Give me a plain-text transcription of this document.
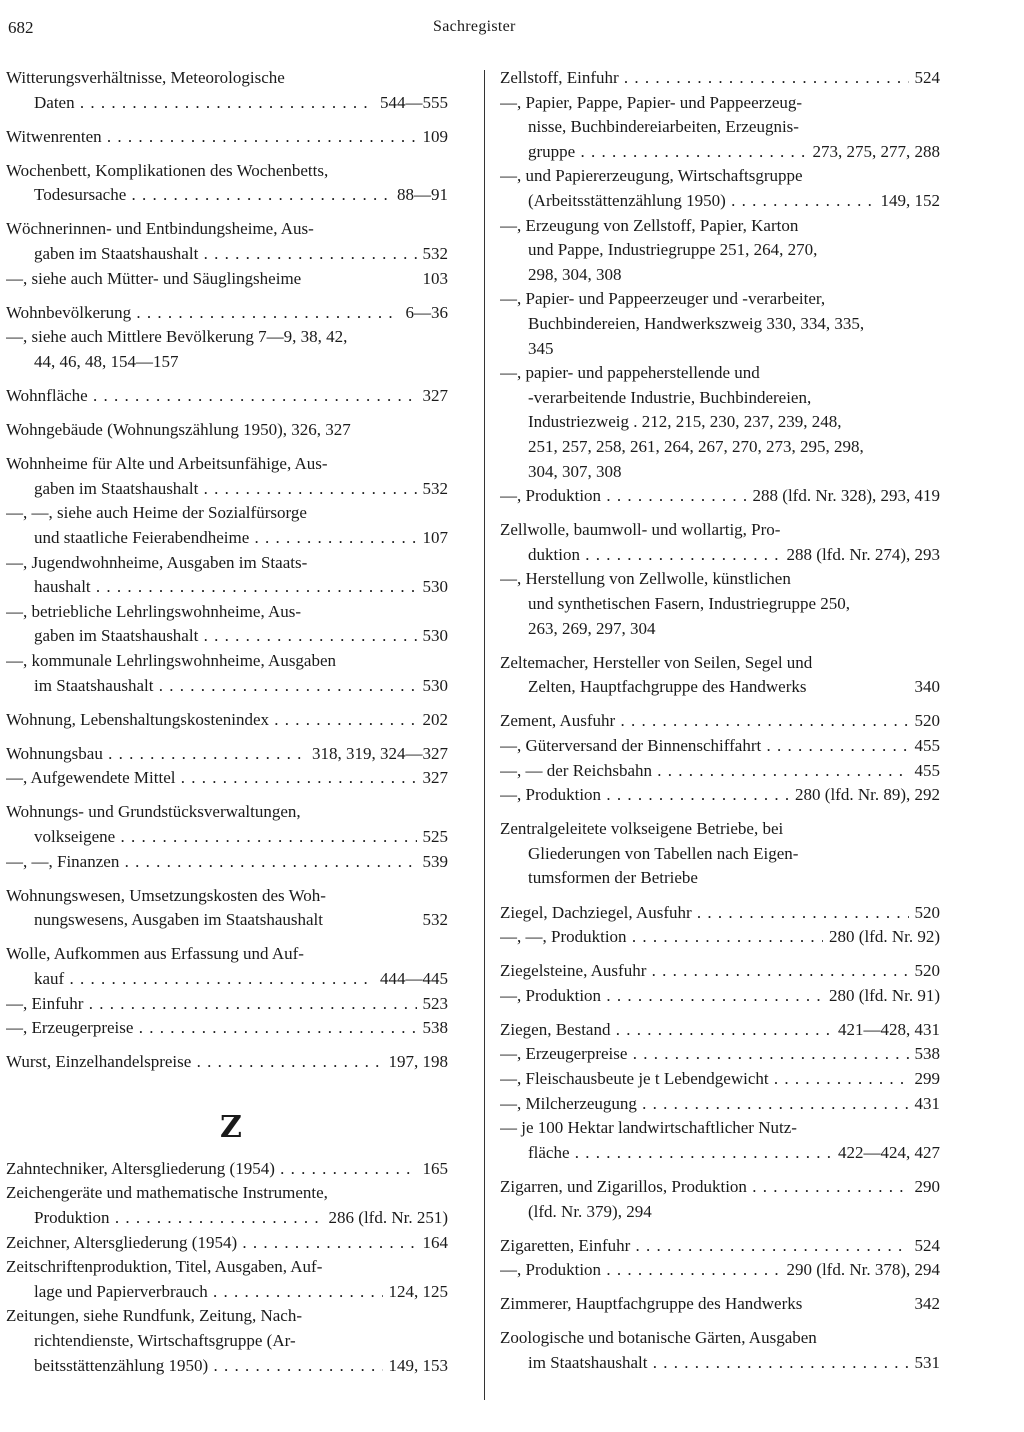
682	Sachregister
Witterungsverhältnisse, Meteorologische
Daten . . .	544—555
Witwenrenten . . .	109
Wochenbett, Komplikationen des Wochenbetts,
Todesursache . . .	88—91
Wöchnerinnen- und Entbindungsheime, Aus-
gaben im Staatshaushalt . . .	532
—, siehe auch Mütter- und Säuglingsheime	103
Wohnbevölkerung . . .	6—36
—, siehe auch Mittlere Bevölkerung 7—9, 38, 42,
44, 46, 48, 154—157
Wohnfläche . . .	327
Wohngebäude (Wohnungszählung 1950), 326, 327
Wohnheime für Alte und Arbeitsunfähige, Aus-
gaben im Staatshaushalt . . .	532
—, —, siehe auch Heime der Sozialfürsorge
und staatliche Feierabendheime . . .	107
—, Jugendwohnheime, Ausgaben im Staats-
haushalt . . .	530
—, betriebliche Lehrlingswohnheime, Aus-
gaben im Staatshaushalt . . .	530
—, kommunale Lehrlingswohnheime, Ausgaben
im Staatshaushalt . . .	530
Wohnung, Lebenshaltungskostenindex . . .	202
Wohnungsbau . . .	318, 319, 324—327
—, Aufgewendete Mittel . . .	327
Wohnungs- und Grundstücksverwaltungen,
volkseigene . . .	525
—, —, Finanzen . . .	539
Wohnungswesen, Umsetzungskosten des Woh-
nungswesens, Ausgaben im Staatshaushalt	532
Wolle, Aufkommen aus Erfassung und Auf-
kauf . . .	444—445
—, Einfuhr . . .	523
—, Erzeugerpreise . . .	538
Wurst, Einzelhandelspreise . . .	197, 198
Z
Zahntechniker, Altersgliederung (1954) . . .	165
Zeichengeräte und mathematische Instrumente,
Produktion . . .	286 (lfd. Nr. 251)
Zeichner, Altersgliederung (1954) . . .	164
Zeitschriftenproduktion, Titel, Ausgaben, Auf-
lage und Papierverbrauch . . .	124, 125
Zeitungen, siehe Rundfunk, Zeitung, Nach-
richtendienste, Wirtschaftsgruppe (Ar-
beitsstättenzählung 1950) . . .	149, 153
Zellstoff, Einfuhr . . .	524
—, Papier, Pappe, Papier- und Pappeerzeug-
nisse, Buchbindereiarbeiten, Erzeugnis-
gruppe . . .	273, 275, 277, 288
—, und Papiererzeugung, Wirtschaftsgruppe
(Arbeitsstättenzählung 1950) . . .	149, 152
—, Erzeugung von Zellstoff, Papier, Karton
und Pappe, Industriegruppe 251, 264, 270,
298, 304, 308
—, Papier- und Pappeerzeuger und -verarbeiter,
Buchbindereien, Handwerkszweig 330, 334, 335,
345
—, papier- und pappeherstellende und
-verarbeitende Industrie, Buchbindereien,
Industriezweig . 212, 215, 230, 237, 239, 248,
251, 257, 258, 261, 264, 267, 270, 273, 295, 298,
304, 307, 308
—, Produktion . . .	288 (lfd. Nr. 328), 293, 419
Zellwolle, baumwoll- und wollartig, Pro-
duktion . . .	288 (lfd. Nr. 274), 293
—, Herstellung von Zellwolle, künstlichen
und synthetischen Fasern, Industriegruppe 250,
263, 269, 297, 304
Zeltemacher, Hersteller von Seilen, Segel und
Zelten, Hauptfachgruppe des Handwerks	340
Zement, Ausfuhr . . .	520
—, Güterversand der Binnenschiffahrt . . .	455
—, — der Reichsbahn . . .	455
—, Produktion . . .	280 (lfd. Nr. 89), 292
Zentralgeleitete volkseigene Betriebe, bei
Gliederungen von Tabellen nach Eigen-
tumsformen der Betriebe
Ziegel, Dachziegel, Ausfuhr . . .	520
—, —, Produktion . . .	280 (lfd. Nr. 92)
Ziegelsteine, Ausfuhr . . .	520
—, Produktion . . .	280 (lfd. Nr. 91)
Ziegen, Bestand . . .	421—428, 431
—, Erzeugerpreise . . .	538
—, Fleischausbeute je t Lebendgewicht . . .	299
—, Milcherzeugung . . .	431
— je 100 Hektar landwirtschaftlicher Nutz-
fläche . . .	422—424, 427
Zigarren, und Zigarillos, Produktion . . .	290
(lfd. Nr. 379), 294
Zigaretten, Einfuhr . . .	524
—, Produktion . . .	290 (lfd. Nr. 378), 294
Zimmerer, Hauptfachgruppe des Handwerks	342
Zoologische und botanische Gärten, Ausgaben
im Staatshaushalt . . .	531
